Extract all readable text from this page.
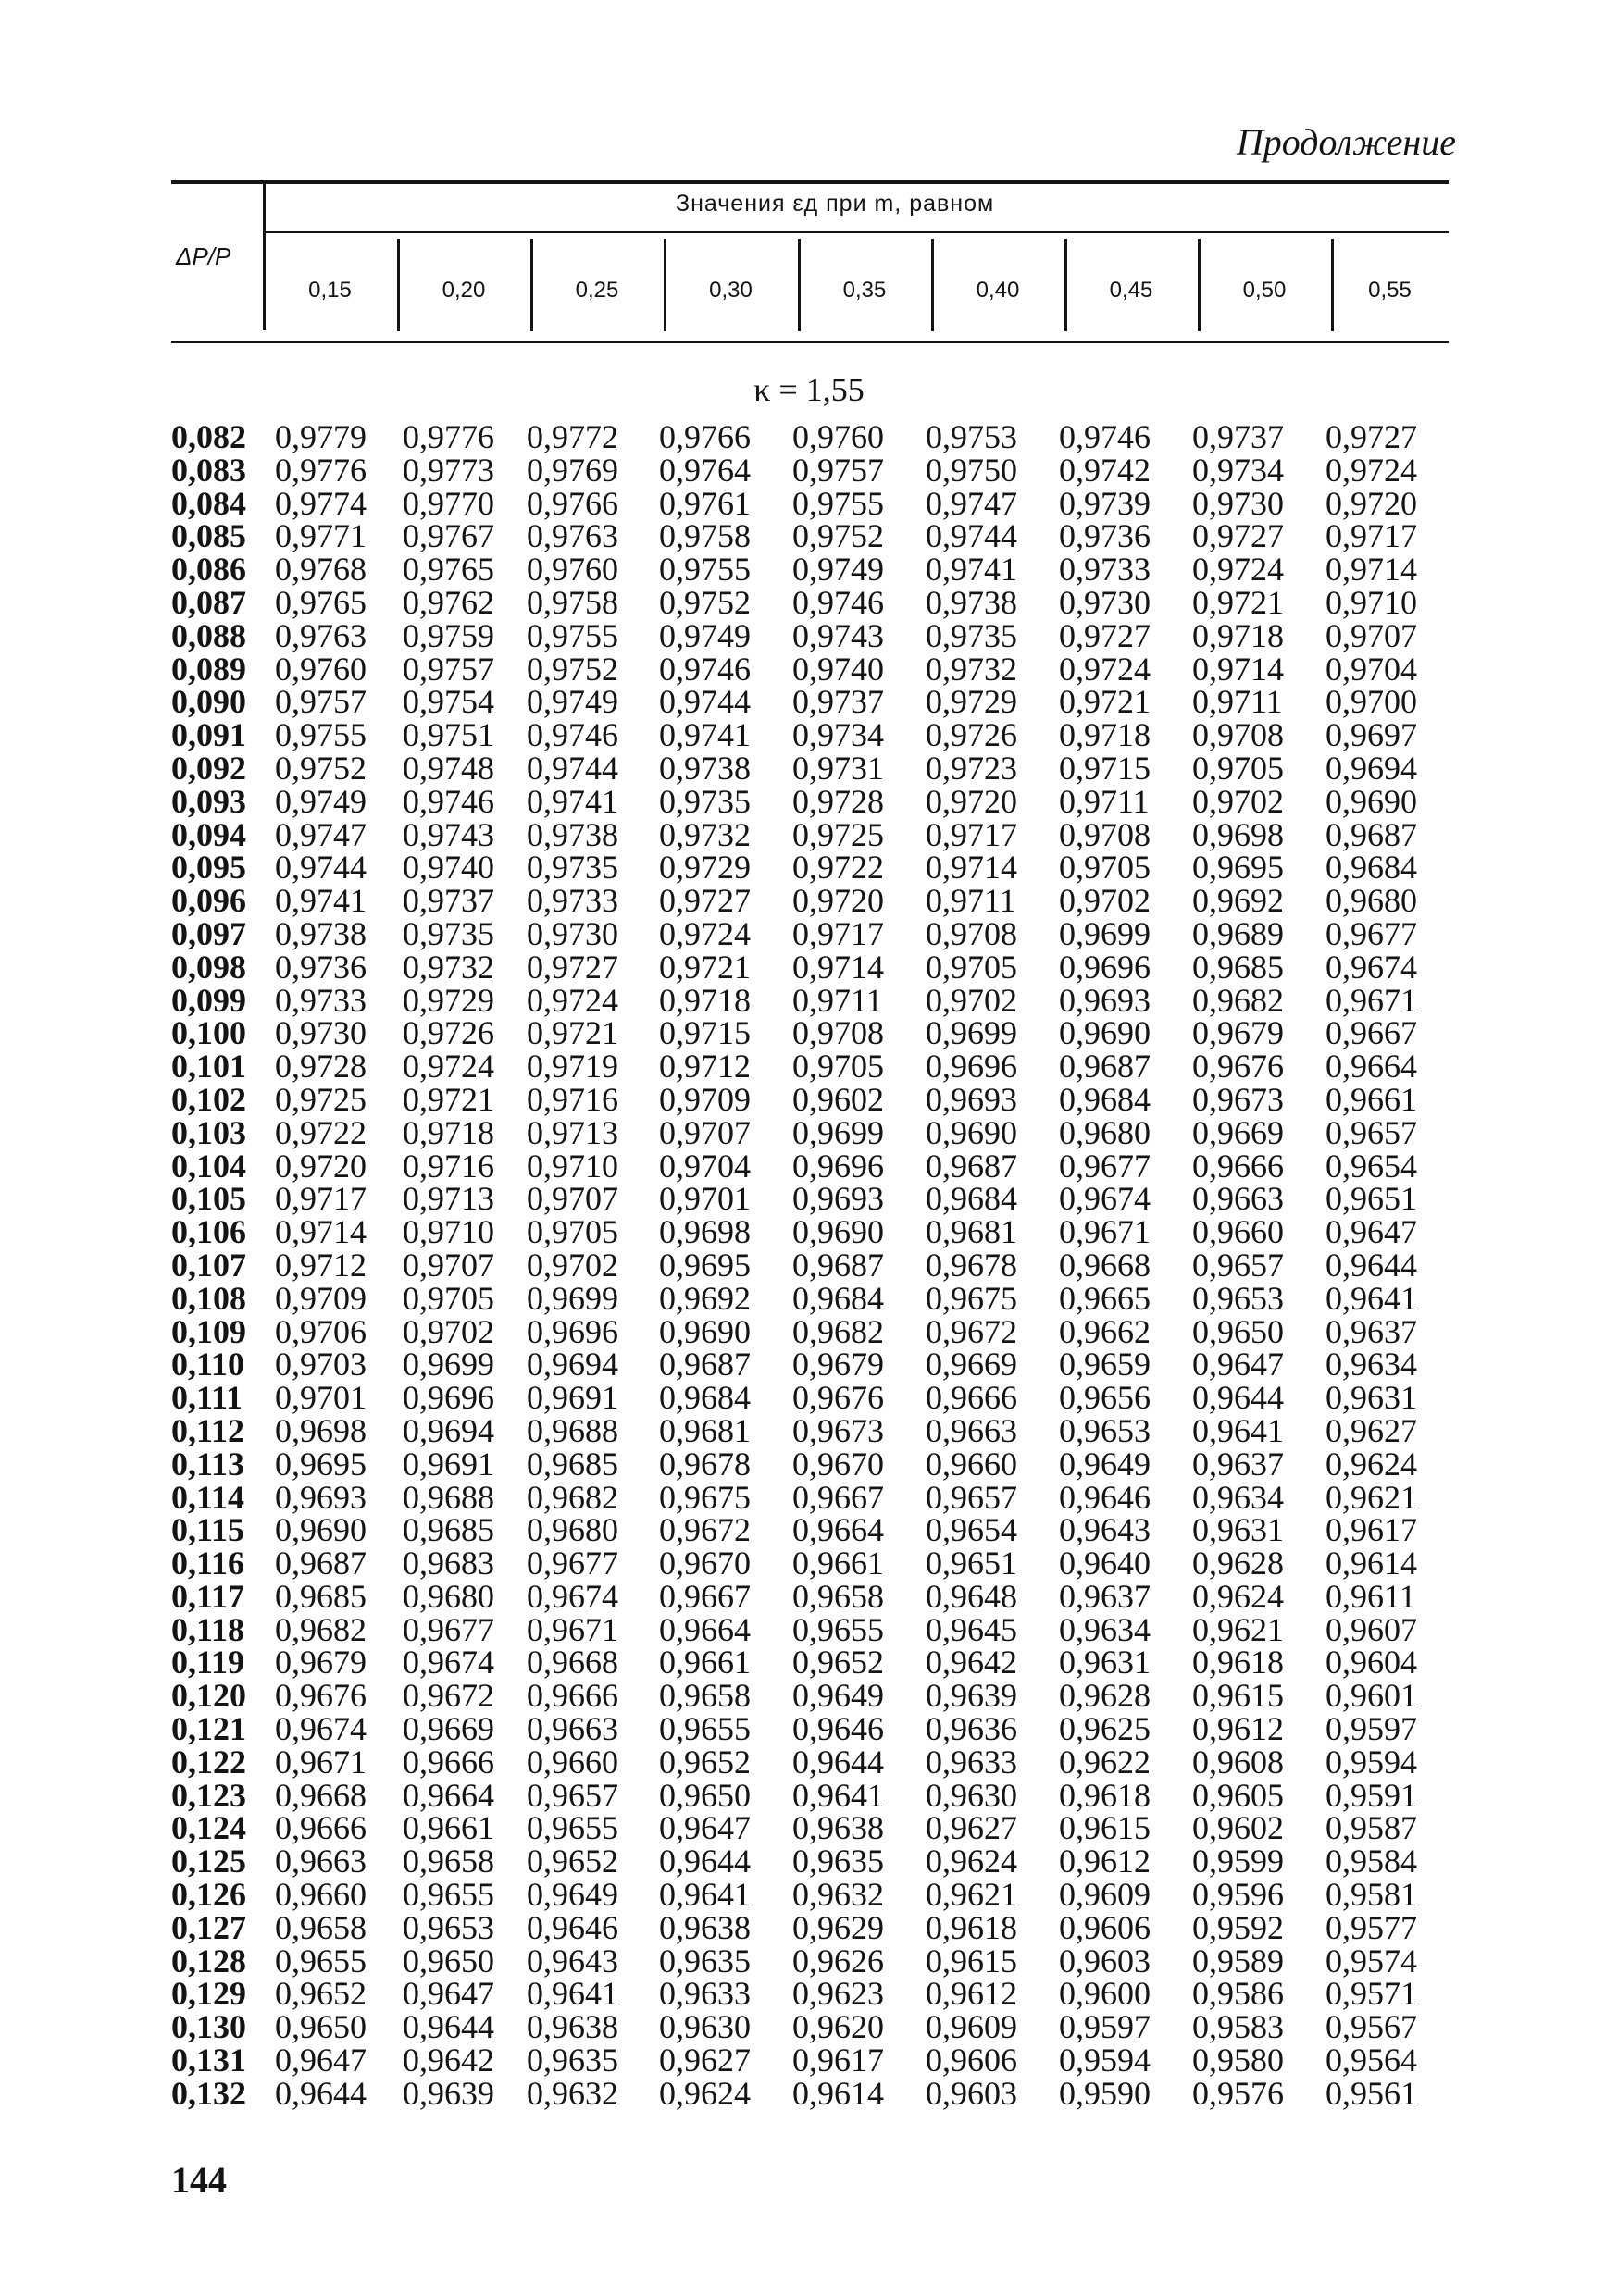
Продолжение
ΔP/P
Значения εд при m, равном
0,15	0,20	0,25	0,30	0,35	0,40	0,45	0,50	0,55
κ = 1,55
0,082	0,9779	0,9776	0,9772	0,9766	0,9760	0,9753	0,9746	0,9737	0,9727
0,083	0,9776	0,9773	0,9769	0,9764	0,9757	0,9750	0,9742	0,9734	0,9724
0,084	0,9774	0,9770	0,9766	0,9761	0,9755	0,9747	0,9739	0,9730	0,9720
0,085	0,9771	0,9767	0,9763	0,9758	0,9752	0,9744	0,9736	0,9727	0,9717
0,086	0,9768	0,9765	0,9760	0,9755	0,9749	0,9741	0,9733	0,9724	0,9714
0,087	0,9765	0,9762	0,9758	0,9752	0,9746	0,9738	0,9730	0,9721	0,9710
0,088	0,9763	0,9759	0,9755	0,9749	0,9743	0,9735	0,9727	0,9718	0,9707
0,089	0,9760	0,9757	0,9752	0,9746	0,9740	0,9732	0,9724	0,9714	0,9704
0,090	0,9757	0,9754	0,9749	0,9744	0,9737	0,9729	0,9721	0,9711	0,9700
0,091	0,9755	0,9751	0,9746	0,9741	0,9734	0,9726	0,9718	0,9708	0,9697
0,092	0,9752	0,9748	0,9744	0,9738	0,9731	0,9723	0,9715	0,9705	0,9694
0,093	0,9749	0,9746	0,9741	0,9735	0,9728	0,9720	0,9711	0,9702	0,9690
0,094	0,9747	0,9743	0,9738	0,9732	0,9725	0,9717	0,9708	0,9698	0,9687
0,095	0,9744	0,9740	0,9735	0,9729	0,9722	0,9714	0,9705	0,9695	0,9684
0,096	0,9741	0,9737	0,9733	0,9727	0,9720	0,9711	0,9702	0,9692	0,9680
0,097	0,9738	0,9735	0,9730	0,9724	0,9717	0,9708	0,9699	0,9689	0,9677
0,098	0,9736	0,9732	0,9727	0,9721	0,9714	0,9705	0,9696	0,9685	0,9674
0,099	0,9733	0,9729	0,9724	0,9718	0,9711	0,9702	0,9693	0,9682	0,9671
0,100	0,9730	0,9726	0,9721	0,9715	0,9708	0,9699	0,9690	0,9679	0,9667
0,101	0,9728	0,9724	0,9719	0,9712	0,9705	0,9696	0,9687	0,9676	0,9664
0,102	0,9725	0,9721	0,9716	0,9709	0,9602	0,9693	0,9684	0,9673	0,9661
0,103	0,9722	0,9718	0,9713	0,9707	0,9699	0,9690	0,9680	0,9669	0,9657
0,104	0,9720	0,9716	0,9710	0,9704	0,9696	0,9687	0,9677	0,9666	0,9654
0,105	0,9717	0,9713	0,9707	0,9701	0,9693	0,9684	0,9674	0,9663	0,9651
0,106	0,9714	0,9710	0,9705	0,9698	0,9690	0,9681	0,9671	0,9660	0,9647
0,107	0,9712	0,9707	0,9702	0,9695	0,9687	0,9678	0,9668	0,9657	0,9644
0,108	0,9709	0,9705	0,9699	0,9692	0,9684	0,9675	0,9665	0,9653	0,9641
0,109	0,9706	0,9702	0,9696	0,9690	0,9682	0,9672	0,9662	0,9650	0,9637
0,110	0,9703	0,9699	0,9694	0,9687	0,9679	0,9669	0,9659	0,9647	0,9634
0,111	0,9701	0,9696	0,9691	0,9684	0,9676	0,9666	0,9656	0,9644	0,9631
0,112	0,9698	0,9694	0,9688	0,9681	0,9673	0,9663	0,9653	0,9641	0,9627
0,113	0,9695	0,9691	0,9685	0,9678	0,9670	0,9660	0,9649	0,9637	0,9624
0,114	0,9693	0,9688	0,9682	0,9675	0,9667	0,9657	0,9646	0,9634	0,9621
0,115	0,9690	0,9685	0,9680	0,9672	0,9664	0,9654	0,9643	0,9631	0,9617
0,116	0,9687	0,9683	0,9677	0,9670	0,9661	0,9651	0,9640	0,9628	0,9614
0,117	0,9685	0,9680	0,9674	0,9667	0,9658	0,9648	0,9637	0,9624	0,9611
0,118	0,9682	0,9677	0,9671	0,9664	0,9655	0,9645	0,9634	0,9621	0,9607
0,119	0,9679	0,9674	0,9668	0,9661	0,9652	0,9642	0,9631	0,9618	0,9604
0,120	0,9676	0,9672	0,9666	0,9658	0,9649	0,9639	0,9628	0,9615	0,9601
0,121	0,9674	0,9669	0,9663	0,9655	0,9646	0,9636	0,9625	0,9612	0,9597
0,122	0,9671	0,9666	0,9660	0,9652	0,9644	0,9633	0,9622	0,9608	0,9594
0,123	0,9668	0,9664	0,9657	0,9650	0,9641	0,9630	0,9618	0,9605	0,9591
0,124	0,9666	0,9661	0,9655	0,9647	0,9638	0,9627	0,9615	0,9602	0,9587
0,125	0,9663	0,9658	0,9652	0,9644	0,9635	0,9624	0,9612	0,9599	0,9584
0,126	0,9660	0,9655	0,9649	0,9641	0,9632	0,9621	0,9609	0,9596	0,9581
0,127	0,9658	0,9653	0,9646	0,9638	0,9629	0,9618	0,9606	0,9592	0,9577
0,128	0,9655	0,9650	0,9643	0,9635	0,9626	0,9615	0,9603	0,9589	0,9574
0,129	0,9652	0,9647	0,9641	0,9633	0,9623	0,9612	0,9600	0,9586	0,9571
0,130	0,9650	0,9644	0,9638	0,9630	0,9620	0,9609	0,9597	0,9583	0,9567
0,131	0,9647	0,9642	0,9635	0,9627	0,9617	0,9606	0,9594	0,9580	0,9564
0,132	0,9644	0,9639	0,9632	0,9624	0,9614	0,9603	0,9590	0,9576	0,9561
144
